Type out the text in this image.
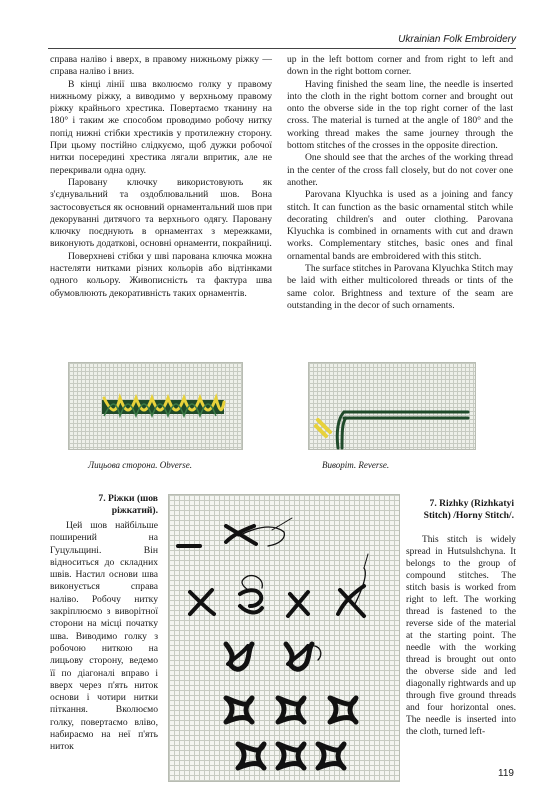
Ukrainian Folk Embroidery

справа наліво і вверх, в правому нижньому ріжку — справа наліво і вниз.

В кінці лінії шва вколюємо голку у правому нижньому ріжку, а виводимо у верхньому правому ріжку крайнього хрестика. Повертаємо тканину на 180° і таким же способом проводимо робочу нитку попід нижні стібки хрестиків у протилежну сторону. При цьому постійно слідкуємо, щоб дужки робочої нитки посередині хрестика лягали впритик, але не перекривали одна одну.

Парованy ключку використовують як з'єднувальний та оздоблювальний шов. Вона застосовується як основний орнаментальний шов при декоруванні дитячого та верхнього одягу. Паровану ключку поєднують в орнаментах з мережками, виконують додаткові, основні орнаменти, покрайниці.

Поверхневі стібки у шві парована ключка можна настеляти нитками різних кольорів або відтінками одного кольору. Живописність та фактура шва обумовлюють декоративність таких орнаментів.

up in the left bottom corner and from right to left and down in the right bottom corner.

Having finished the seam line, the needle is inserted into the cloth in the right bottom corner and brought out onto the obverse side in the top right corner of the last cross. The material is turned at the angle of 180° and the working thread makes the same journey through the bottom stitches of the crosses in the opposite direction.

One should see that the arches of the working thread in the center of the cross fall closely, but do not cover one another.

Parovana Klyuchka is used as a joining and fancy stitch. It can function as the basic ornamental stitch while decorating children's and outer clothing. Parovana Klyuchka is combined in ornaments with cut and drawn works. Complementary stitches, basic ones and final ornamental bands are embroidered with this stitch.

The surface stitches in Parovana Klyuchka Stitch may be laid with either multicolored threads or tints of the same color. Brightness and texture of the seam are outstanding in the decor of such ornaments.

Лицьова сторона. Obverse.	Виворіт. Reverse.
7. Ріжки (шов ріжкатий).

Цей шов найбільше поширений на Гуцульщині. Він відноситься до складних швів. Настил основи шва виконується справа наліво. Робочу нитку закріплюємо з виворітної сторони на місці початку шва. Виводимо голку з робочою ниткою на лицьову сторону, ведемо її по діагоналі вправо і вверх через п'ять ниток основи і чотири нитки піткання. Вколюємо голку, повертаємо вліво, набираємо на неї п'ять ниток

7. Rizhky (Rizhkatyi Stitch) /Horny Stitch/.

This stitch is widely spread in Hutsulshchyna. It belongs to the group of compound stitches. The stitch basis is worked from right to left. The working thread is fastened to the reverse side of the material at the starting point. The needle with the working thread is brought out onto the obverse side and led diagonally rightwards and up through five ground threads and four horizontal ones. The needle is inserted into the cloth, turned left-

119
